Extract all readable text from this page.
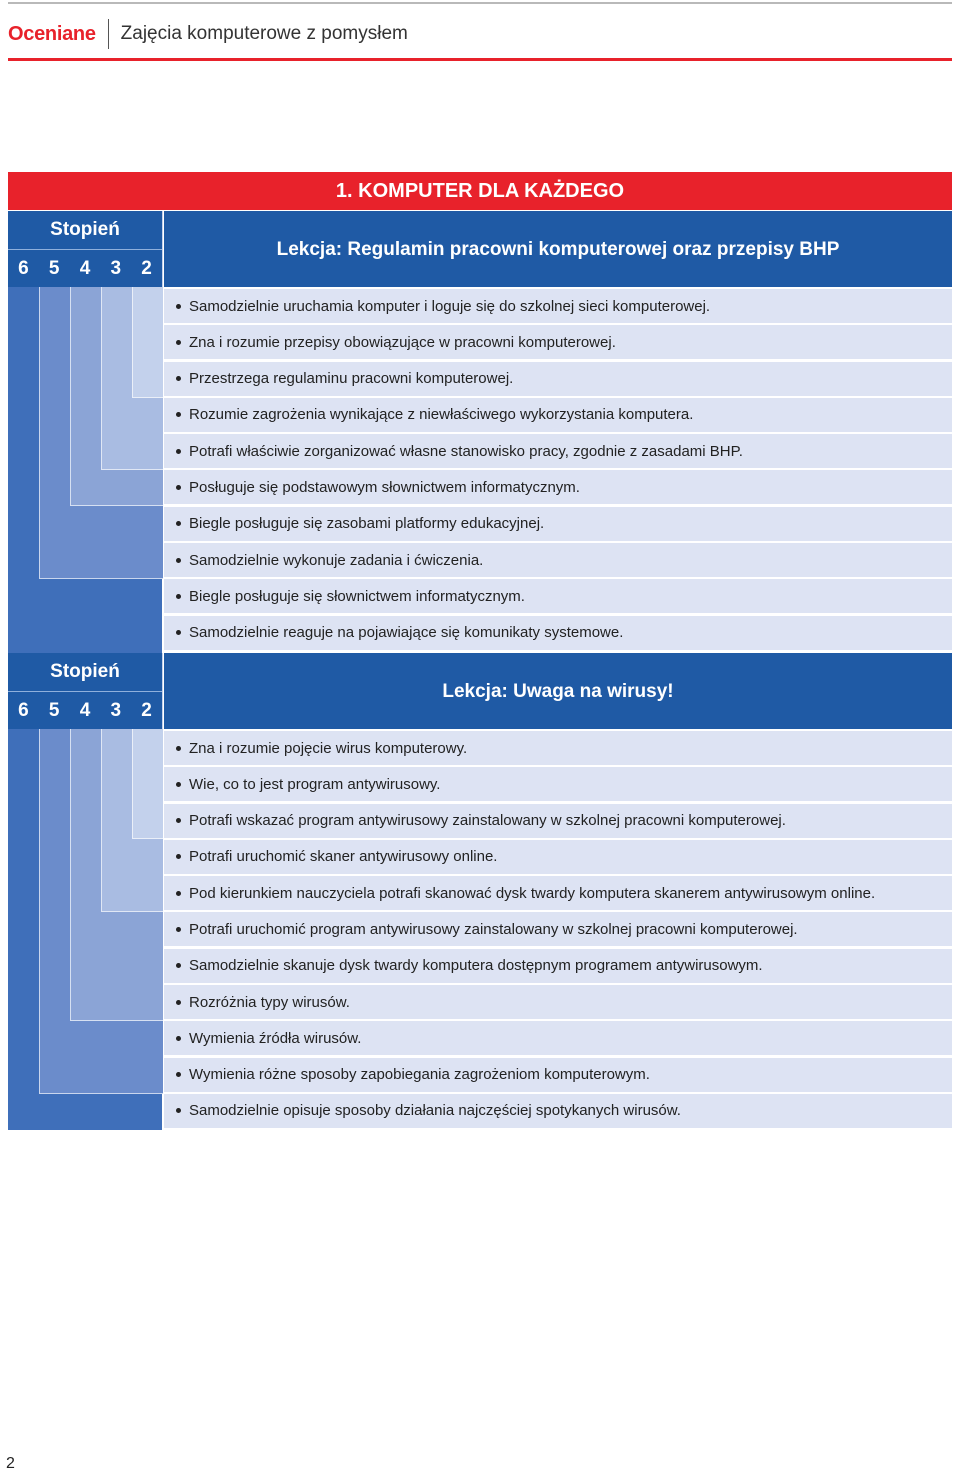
Oceniane Zajęcia komputerowe z pomysłem
1. KOMPUTER DLA KAŻDEGO
Stopień
6	5	4	3	2
Lekcja: Regulamin pracowni komputerowej oraz przepisy BHP
Samodzielnie uruchamia komputer i loguje się do szkolnej sieci komputerowej.
Zna i rozumie przepisy obowiązujące w pracowni komputerowej.
Przestrzega regulaminu pracowni komputerowej.
Rozumie zagrożenia wynikające z niewłaściwego wykorzystania komputera.
Potrafi właściwie zorganizować własne stanowisko pracy, zgodnie z zasadami BHP.
Posługuje się podstawowym słownictwem informatycznym.
Biegle posługuje się zasobami platformy edukacyjnej.
Samodzielnie wykonuje zadania i ćwiczenia.
Biegle posługuje się słownictwem informatycznym.
Samodzielnie reaguje na pojawiające się komunikaty systemowe.
Stopień
6	5	4	3	2
Lekcja: Uwaga na wirusy!
Zna i rozumie pojęcie wirus komputerowy.
Wie, co to jest program antywirusowy.
Potrafi wskazać program antywirusowy zainstalowany w szkolnej pracowni komputerowej.
Potrafi uruchomić skaner antywirusowy online.
Pod kierunkiem nauczyciela potrafi skanować dysk twardy komputera skanerem antywirusowym online.
Potrafi uruchomić program antywirusowy zainstalowany w szkolnej pracowni komputerowej.
Samodzielnie skanuje dysk twardy komputera dostępnym programem antywirusowym.
Rozróżnia typy wirusów.
Wymienia źródła wirusów.
Wymienia różne sposoby zapobiegania zagrożeniom komputerowym.
Samodzielnie opisuje sposoby działania najczęściej spotykanych wirusów.
2
